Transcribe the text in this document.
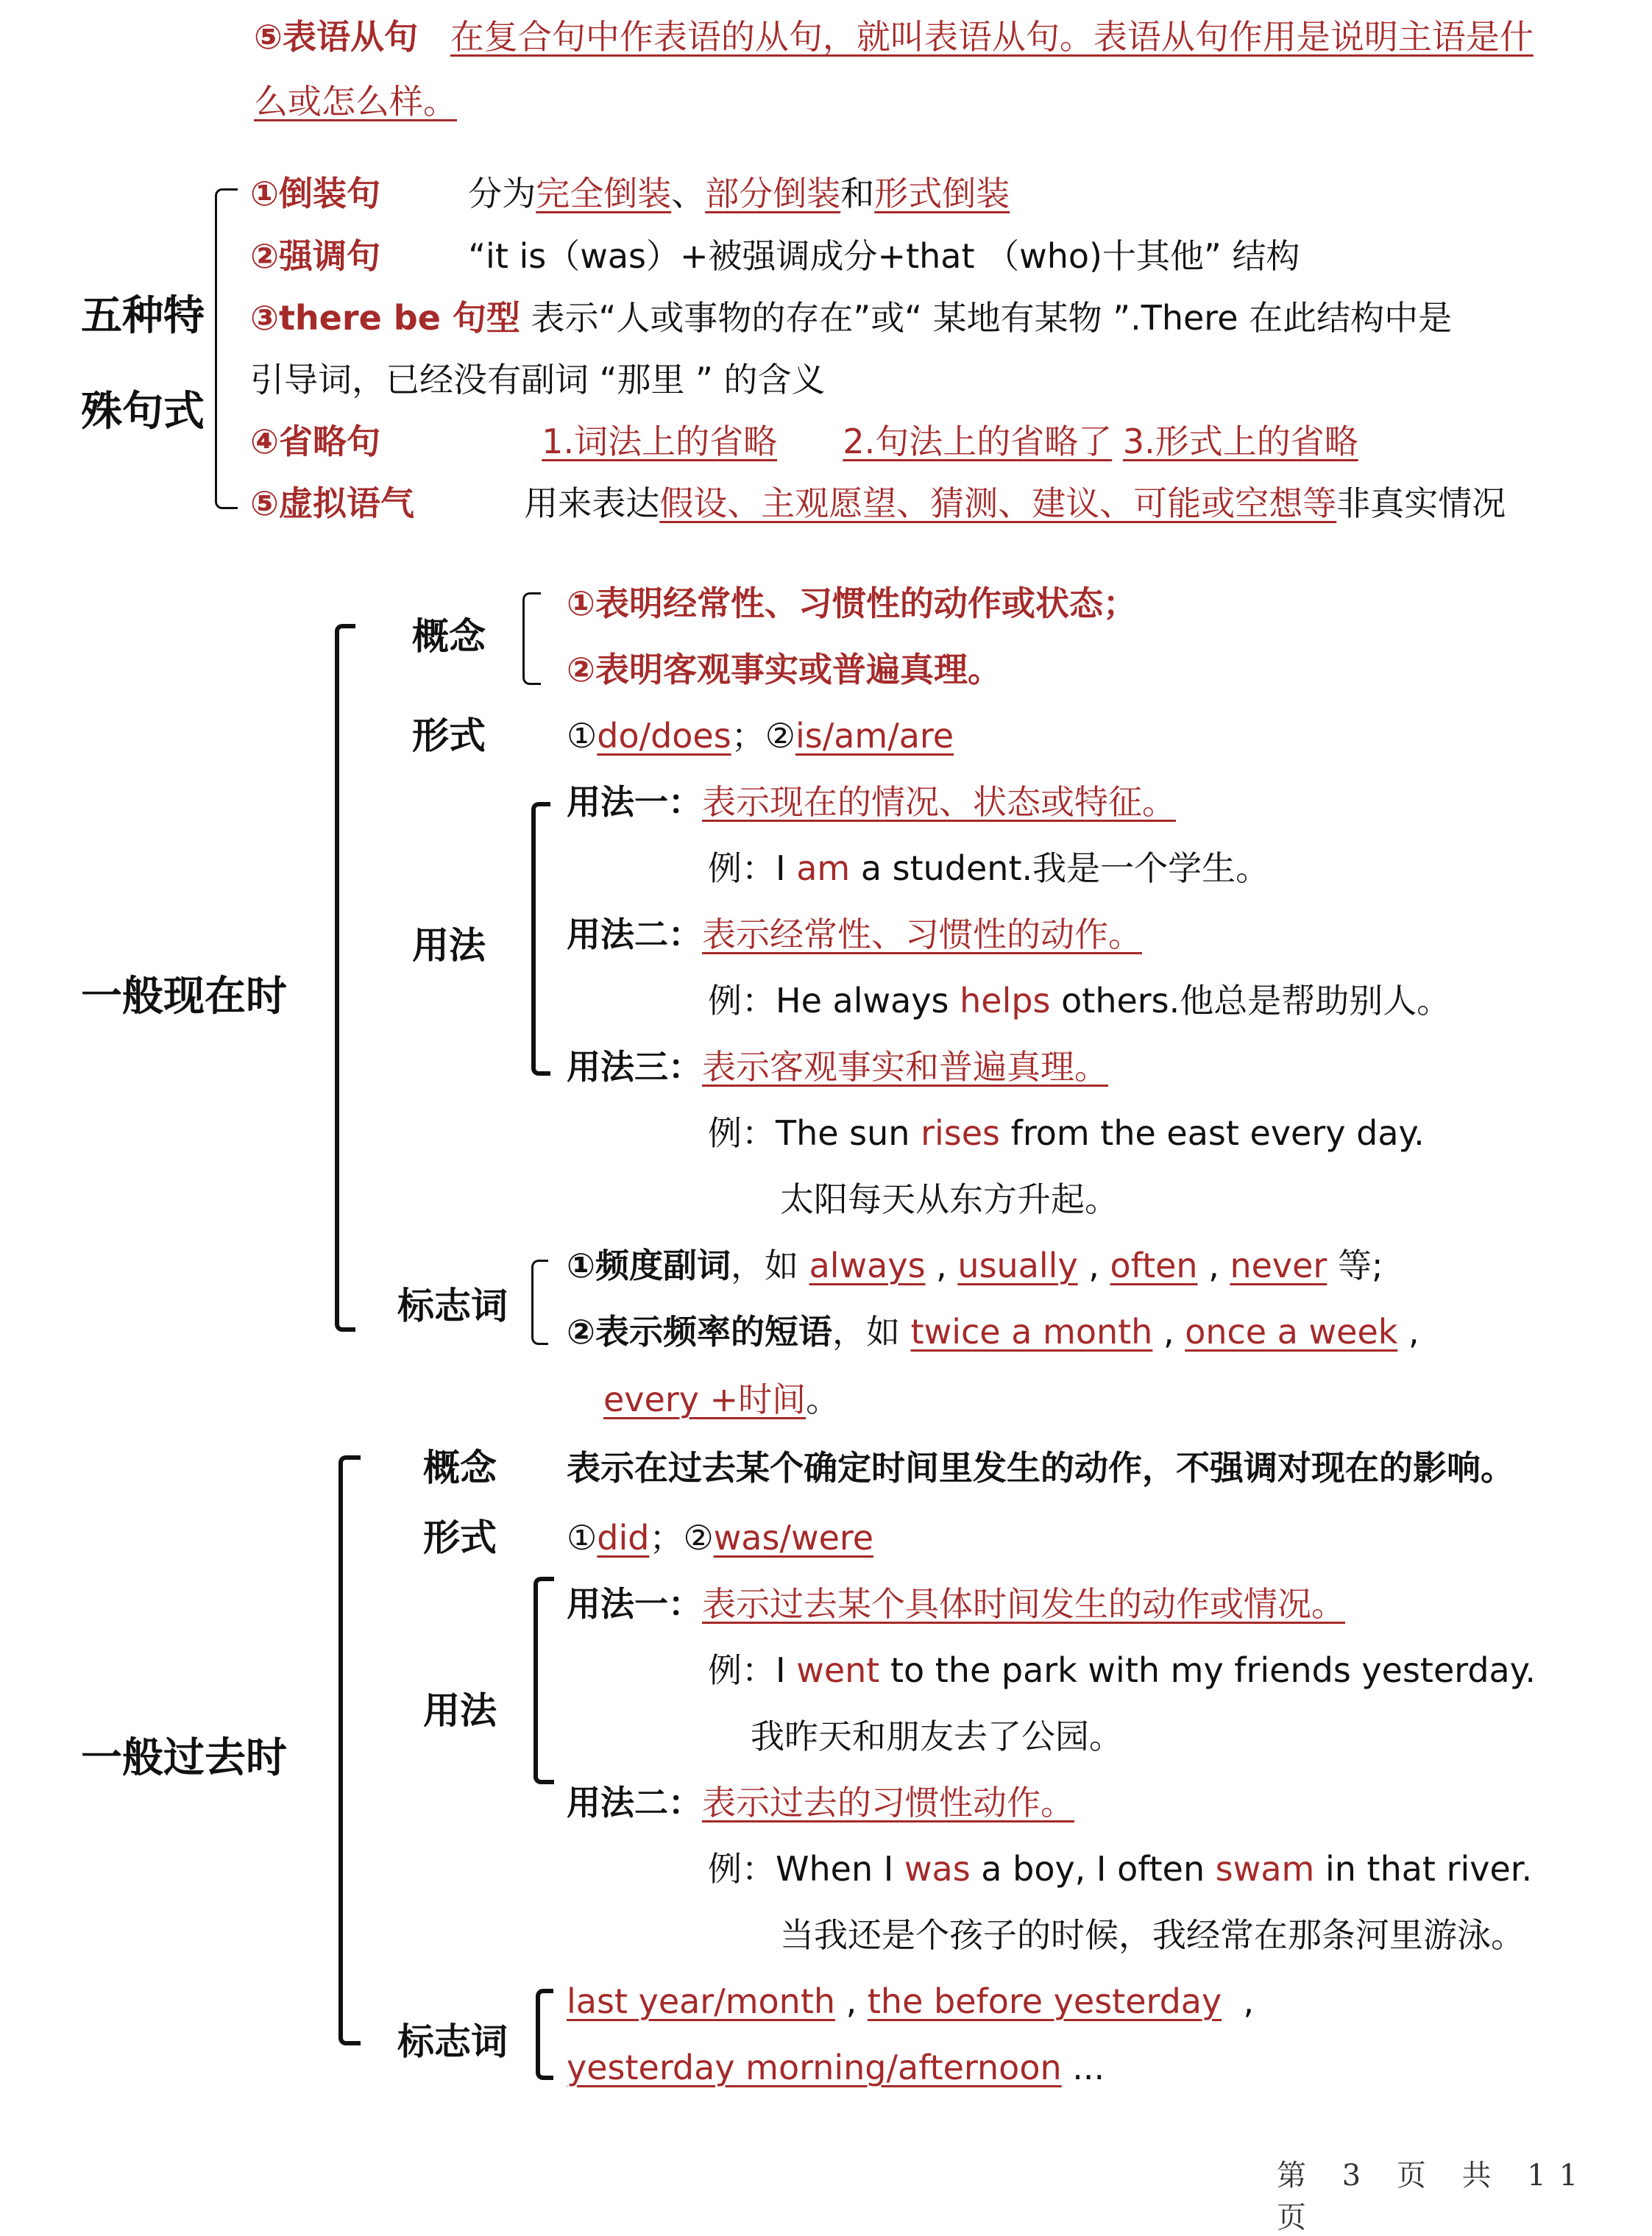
⑤表语从句 在复合句中作表语的从句，就叫表语从句。表语从句作用是说明主语是什
么或怎么样。
五种特
殊句式
①倒装句	分为完全倒装、部分倒装和形式倒装
②强调句	“it is（was）+被强调成分+that （who)十其他” 结构
③there be 句型 表示“人或事物的存在”或“ 某地有某物 ”.There 在此结构中是
引导词，已经没有副词 “那里 ” 的含义
④省略句	1.词法上的省略 2.句法上的省略了 3.形式上的省略
⑤虚拟语气	用来表达假设、主观愿望、猜测、建议、可能或空想等非真实情况
一般现在时
概念
①表明经常性、习惯性的动作或状态；
②表明客观事实或普遍真理。
形式 ①do/does；②is/am/are
用法
用法一：表示现在的情况、状态或特征。
例：I am a student.我是一个学生。
用法二：表示经常性、习惯性的动作。
例：He always helps others.他总是帮助别人。
用法三：表示客观事实和普遍真理。
例：The sun rises from the east every day.
太阳每天从东方升起。
标志词
①频度副词，如 always , usually , often , never 等;
②表示频率的短语，如 twice a month , once a week ,
every +时间。
一般过去时
概念 表示在过去某个确定时间里发生的动作，不强调对现在的影响。
形式 ①did；②was/were
用法
用法一：表示过去某个具体时间发生的动作或情况。
例：I went to the park with my friends yesterday.
我昨天和朋友去了公园。
用法二：表示过去的习惯性动作。
例：When I was a boy, I often swam in that river.
当我还是个孩子的时候，我经常在那条河里游泳。
标志词
last year/month , the before yesterday  ,
yesterday morning/afternoon ...
第 3 页 共 11 页
